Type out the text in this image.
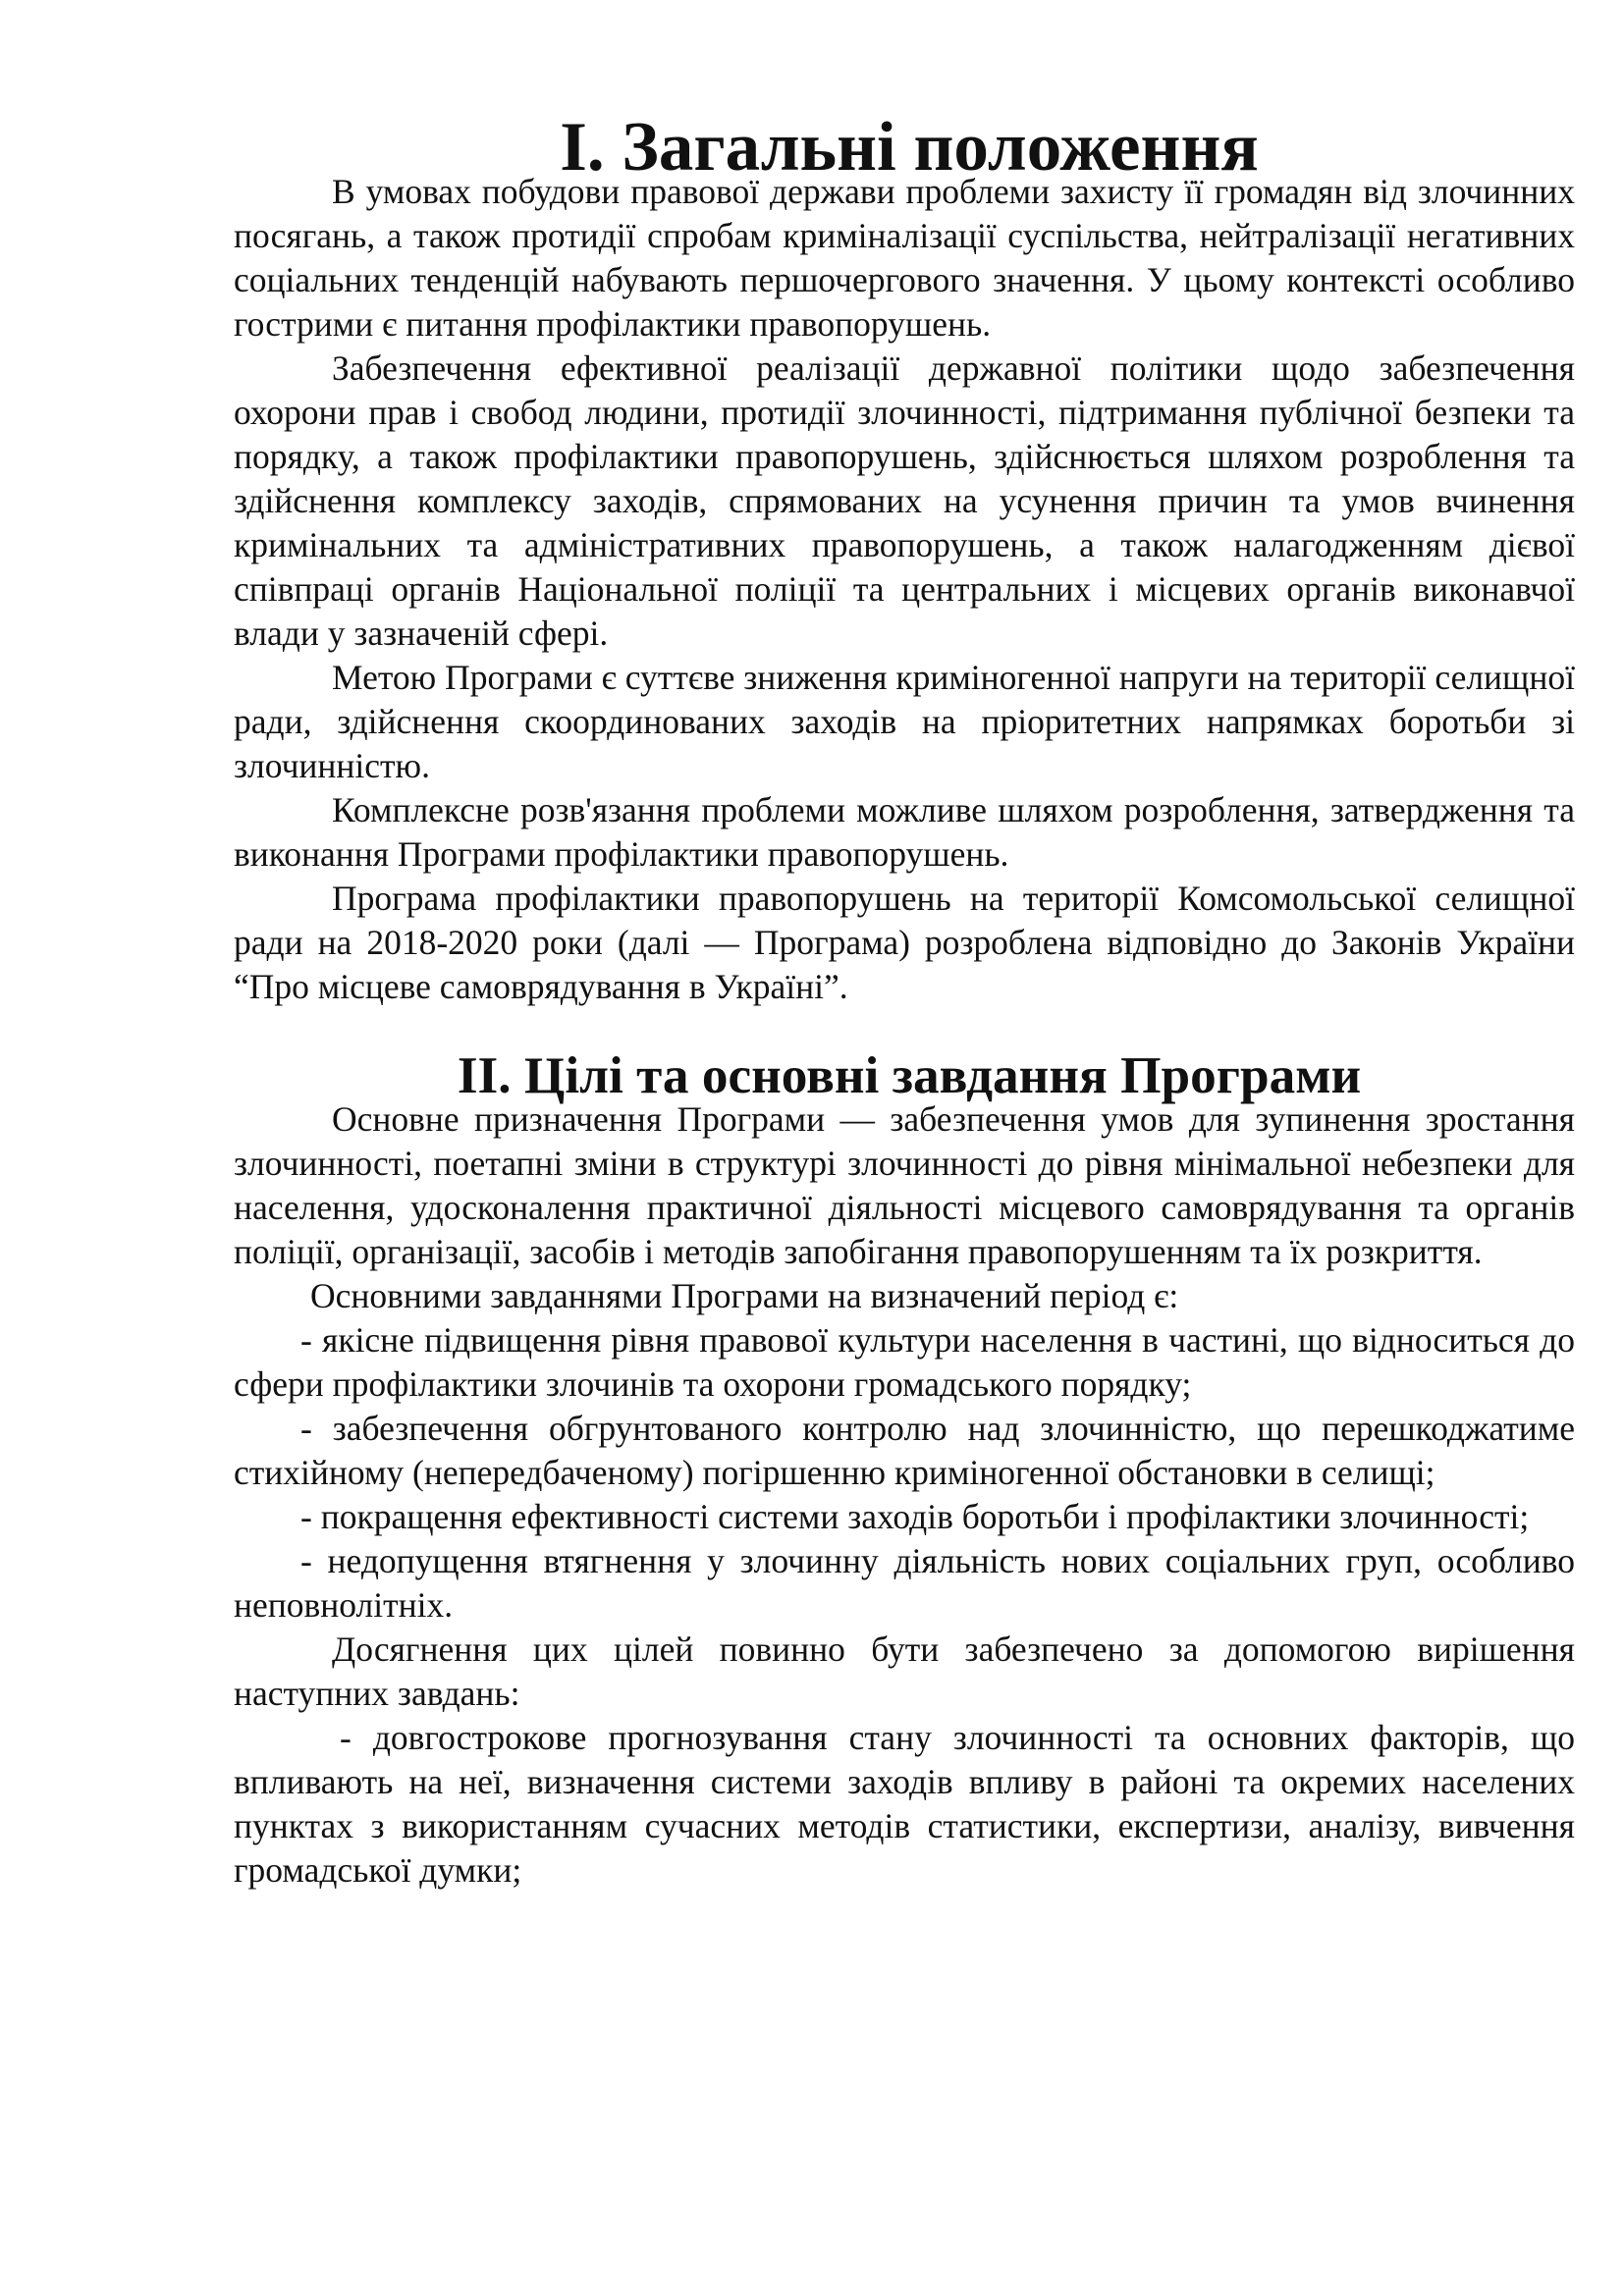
І. Загальні положення

В умовах побудови правової держави проблеми захисту її громадян від злочинних посягань, а також протидії спробам криміналізації суспільства, нейтралізації негативних соціальних тенденцій набувають першочергового значення. У цьому контексті особливо гострими є питання профілактики правопорушень.

Забезпечення ефективної реалізації державної політики щодо забезпечення охорони прав і свобод людини, протидії злочинності, підтримання публічної безпеки та порядку, а також профілактики правопорушень, здійснюється шляхом розроблення та здійснення комплексу заходів, спрямованих на усунення причин та умов вчинення кримінальних та адміністративних правопорушень, а також налагодженням дієвої співпраці органів Національної поліції та центральних і місцевих органів виконавчої влади у зазначеній сфері.

Метою Програми є суттєве зниження криміногенної напруги на території селищної ради, здійснення скоординованих заходів на пріоритетних напрямках боротьби зі злочинністю.

Комплексне розв'язання проблеми можливе шляхом розроблення, затвердження та виконання Програми профілактики правопорушень.

Програма профілактики правопорушень на території Комсомольської селищної ради на 2018-2020 роки (далі — Програма) розроблена відповідно до Законів України “Про місцеве самоврядування в Україні”.

ІІ. Цілі та основні завдання Програми

Основне призначення Програми — забезпечення умов для зупинення зростання злочинності, поетапні зміни в структурі злочинності до рівня мінімальної небезпеки для населення, удосконалення практичної діяльності місцевого самоврядування та органів поліції, організації, засобів і методів запобігання правопорушенням та їх розкриття.

Основними завданнями Програми на визначений період є:

- якісне підвищення рівня правової культури населення в частині, що відноситься до сфери профілактики злочинів та охорони громадського порядку;

- забезпечення обгрунтованого контролю над злочинністю, що перешкоджатиме стихійному (непередбаченому) погіршенню криміногенної обстановки в селищі;

- покращення ефективності системи заходів боротьби і профілактики злочинності;

- недопущення втягнення у злочинну діяльність нових соціальних груп, особливо неповнолітніх.

Досягнення цих цілей повинно бути забезпечено за допомогою вирішення наступних завдань:

- довгострокове прогнозування стану злочинності та основних факторів, що впливають на неї, визначення системи заходів впливу в районі та окремих населених пунктах з використанням сучасних методів статистики, експертизи, аналізу, вивчення громадської думки;
